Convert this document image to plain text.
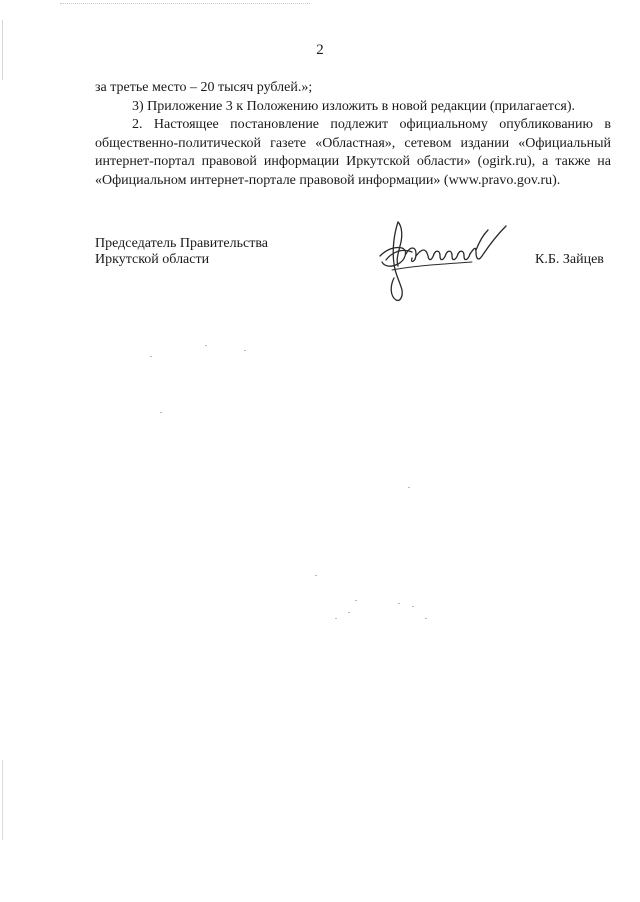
2

за третье место – 20 тысяч рублей.»;

3) Приложение 3 к Положению изложить в новой редакции (прилагается).

2. Настоящее постановление подлежит официальному опубликованию в общественно-политической газете «Областная», сетевом издании «Официальный интернет-портал правовой информации Иркутской области» (ogirk.ru), а также на «Официальном интернет-портале правовой информации» (www.pravo.gov.ru).

Председатель Правительства
Иркутской области	К.Б. Зайцев
